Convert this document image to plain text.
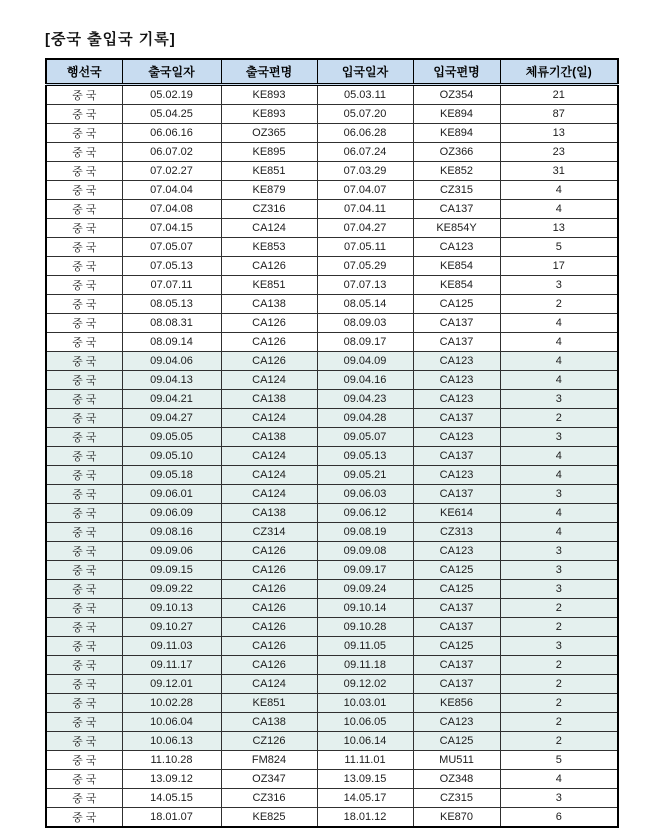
[중국 출입국 기록]
행선국	출국일자	출국편명	입국일자	입국편명	체류기간(일)
중 국	05.02.19	KE893	05.03.11	OZ354	21
중 국	05.04.25	KE893	05.07.20	KE894	87
중 국	06.06.16	OZ365	06.06.28	KE894	13
중 국	06.07.02	KE895	06.07.24	OZ366	23
중 국	07.02.27	KE851	07.03.29	KE852	31
중 국	07.04.04	KE879	07.04.07	CZ315	4
중 국	07.04.08	CZ316	07.04.11	CA137	4
중 국	07.04.15	CA124	07.04.27	KE854Y	13
중 국	07.05.07	KE853	07.05.11	CA123	5
중 국	07.05.13	CA126	07.05.29	KE854	17
중 국	07.07.11	KE851	07.07.13	KE854	3
중 국	08.05.13	CA138	08.05.14	CA125	2
중 국	08.08.31	CA126	08.09.03	CA137	4
중 국	08.09.14	CA126	08.09.17	CA137	4
중 국	09.04.06	CA126	09.04.09	CA123	4
중 국	09.04.13	CA124	09.04.16	CA123	4
중 국	09.04.21	CA138	09.04.23	CA123	3
중 국	09.04.27	CA124	09.04.28	CA137	2
중 국	09.05.05	CA138	09.05.07	CA123	3
중 국	09.05.10	CA124	09.05.13	CA137	4
중 국	09.05.18	CA124	09.05.21	CA123	4
중 국	09.06.01	CA124	09.06.03	CA137	3
중 국	09.06.09	CA138	09.06.12	KE614	4
중 국	09.08.16	CZ314	09.08.19	CZ313	4
중 국	09.09.06	CA126	09.09.08	CA123	3
중 국	09.09.15	CA126	09.09.17	CA125	3
중 국	09.09.22	CA126	09.09.24	CA125	3
중 국	09.10.13	CA126	09.10.14	CA137	2
중 국	09.10.27	CA126	09.10.28	CA137	2
중 국	09.11.03	CA126	09.11.05	CA125	3
중 국	09.11.17	CA126	09.11.18	CA137	2
중 국	09.12.01	CA124	09.12.02	CA137	2
중 국	10.02.28	KE851	10.03.01	KE856	2
중 국	10.06.04	CA138	10.06.05	CA123	2
중 국	10.06.13	CZ126	10.06.14	CA125	2
중 국	11.10.28	FM824	11.11.01	MU511	5
중 국	13.09.12	OZ347	13.09.15	OZ348	4
중 국	14.05.15	CZ316	14.05.17	CZ315	3
중 국	18.01.07	KE825	18.01.12	KE870	6
